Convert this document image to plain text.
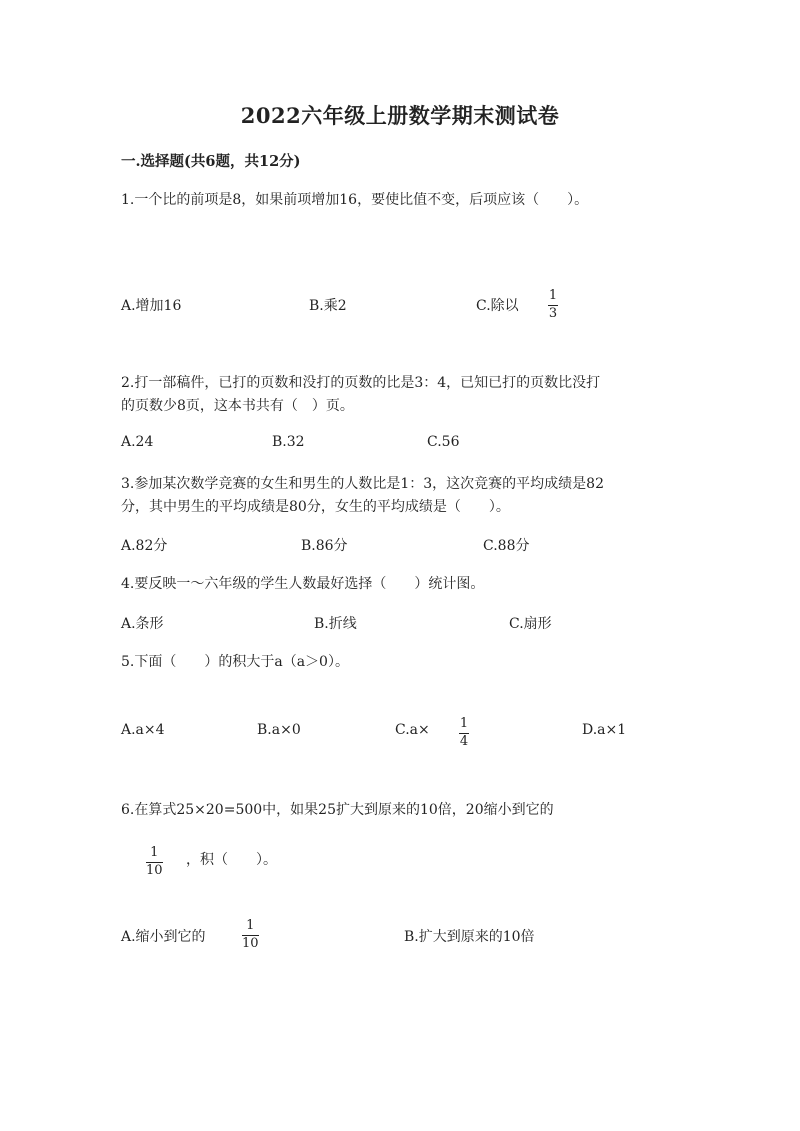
2022六年级上册数学期末测试卷
一.选择题(共6题，共12分)
1.一个比的前项是8，如果前项增加16，要使比值不变，后项应该（　　）。
A.增加16	B.乘2	C.除以
1
3
2.打一部稿件，已打的页数和没打的页数的比是3：4，已知已打的页数比没打
的页数少8页，这本书共有（　）页。
A.24	B.32	C.56
3.参加某次数学竞赛的女生和男生的人数比是1：3，这次竞赛的平均成绩是82
分，其中男生的平均成绩是80分，女生的平均成绩是（　　）。
A.82分	B.86分	C.88分
4.要反映一～六年级的学生人数最好选择（　　）统计图。
A.条形	B.折线	C.扇形
5.下面（　　）的积大于a（a＞0）。
A.a×4	B.a×0	C.a× 1
4
D.a×1
6.在算式25×20=500中，如果25扩大到原来的10倍，20缩小到它的
1
10
，积（　　）。
A.缩小到它的
1
10	B.扩大到原来的10倍
